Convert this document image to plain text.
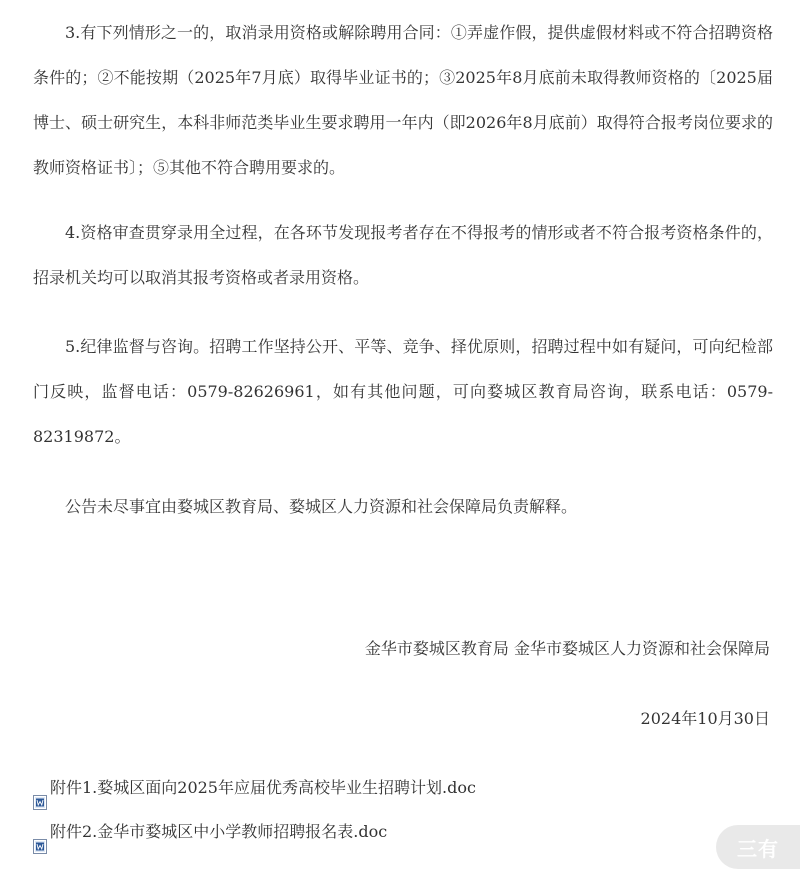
3.有下列情形之一的，取消录用资格或解除聘用合同：①弄虚作假，提供虚假材料或不符合招聘资格条件的；②不能按期（2025年7月底）取得毕业证书的；③2025年8月底前未取得教师资格的〔2025届博士、硕士研究生，本科非师范类毕业生要求聘用一年内（即2026年8月底前）取得符合报考岗位要求的教师资格证书〕；⑤其他不符合聘用要求的。

4.资格审查贯穿录用全过程，在各环节发现报考者存在不得报考的情形或者不符合报考资格条件的，招录机关均可以取消其报考资格或者录用资格。

5.纪律监督与咨询。招聘工作坚持公开、平等、竞争、择优原则，招聘过程中如有疑问，可向纪检部门反映，监督电话：0579-82626961，如有其他问题，可向婺城区教育局咨询，联系电话：0579-82319872。

公告未尽事宜由婺城区教育局、婺城区人力资源和社会保障局负责解释。

金华市婺城区教育局 金华市婺城区人力资源和社会保障局
2024年10月30日
附件1.婺城区面向2025年应届优秀高校毕业生招聘计划.doc
附件2.金华市婺城区中小学教师招聘报名表.doc
三有
